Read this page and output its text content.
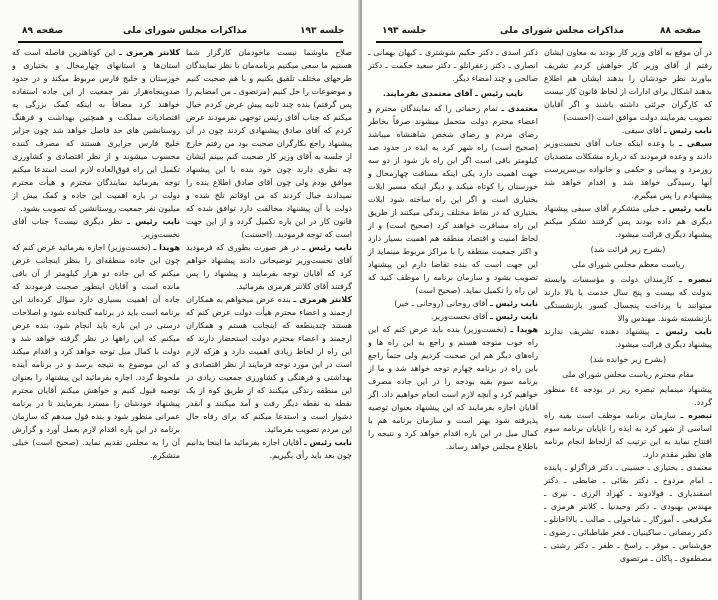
صفحه ۸۹	مذاکرات مجلس شورای ملی	جلسه ۱۹۳

کلانتر هرمزی ـ این کوتاهترین فاصله است که استان‌ها و استانهای چهارمحال و بختیاری و خوزستان و خلیج فارس مربوط میکند و در حدود صدوپنجاه‌هزار نفر جمعیت از این جاده استفاده خواهند کرد مضافاً به اینکه کمک بزرگی به اقتصادیات مملکت و همچنین بهداشت و فرهنگ روستانشین های حد فاصل خواهد شد چون جزایر خلیج فارس جزایری هستند که مصرف کننده محسوب میشوند و از نظر اقتصادی و کشاورزی تکمیل این راه فوق‌العاده لازم است استدعا میکنم توجه بفرمائید نمایندگان محترم و هیأت محترم دولت در باره اهمیت این جاده و کمک بیش از میلیون نفر جمعیت روستانشین که تصویب بشود.

نایب رئیس ـ نظر دیگری نیست؟ جناب آقای نخست‌وزیر.

هویدا ـ (نخست‌وزیر) اجازه بفرمائید عرض کنم که چون این جاده منطقه‌ای را بنظر اینجانب عرض میکنم که این جاده دو هزار کیلومتر از آن باقی مانده است و آقایان اینطور صحبت فرمودند که جاده آن اهمیت بسیاری دارد سؤال کرده‌اند این برنامه است باید در برنامه گنجانده شود و اصلاحات درستی در این باره باید انجام شود. بنده عرض میکنم که این راهها در نظر گرفته خواهد شد و دولت با کمال میل توجه خواهد کرد و اقدام میکند که این موضوع به نتیجه برسد و در برنامه آینده ملحوظ گردد. اجازه بفرمائید این پیشنهاد را بعنوان توصیه قبول کنیم و خواهش میکنم آقایان محترم پیشنهاد خودشان را مسترد بفرمایند تا در برنامه عمرانی منظور شود و بنده قول میدهم که سازمان برنامه در این باره اقدام لازم بعمل آورد و گزارش آن را به مجلس تقدیم نماید. (صحیح است) خیلی متشکرم.

صلاح ماوشما نیست ماخودمان کارگزار شما هستیم ما سعی میکنیم برنامه‌مان با نظر نمایندگان طرحهای مختلف تلفیق بکنیم و با هم صحبت کنیم و موضوعات را حل کنیم (مرتضوی ـ من امضایم را پس گرفتم) بنده چند ثانیه پیش عرض کردم خیال میکنم که جناب آقای رئیس توجهی نفرمودند عرض کردم که آقای صادق پیشنهادی کردند چون در آن پیشنهاد راجع بکارگران صحبت بود من رفتم خارج از جلسه به آقای وزیر کار صحبت کنم ببینم ایشان چه نظری دارند چون خود بنده با این پیشنهاد موافق بودم ولی چون آقای صادق اطلاع بنده را نمیدادند خیال کردند که من اوقاتم تلخ شده و دولت با آن پیشنهاد مخالفت دارد توافق شده که قانون کار در این باره تکمیل گردد و از این جهت است که توجه فرمودید. (احسنت)

نایب رئیس ـ در هر صورت بطوری که فرمودید آقای نخست‌وزیر توضیحاتی دادند پیشنهاد خواهم کرد که آقایان توجه بفرمایند و پیشنهاد را پس گرفتند آقای کلانتر هرمزی بفرمائید.

کلانتر هرمزی ـ بنده عرض میخواهم به همکاران ارجمند و اعضاء محترم هیأت دولت عرض کنم که هستند چندینطعه که اینجانب هستم و همکاران ارجمند و اعضاء محترم دولت استحضار دارند که این راه از لحاظ زیادی اهمیت دارد و هرکه لازم است در این مورد توجه فرمایند از نظر اقتصادی و بهداشتی و فرهنگی و کشاورزی جمعیت زیادی در این منطقه زندگی میکنند که از طریق کوه از یک نقطه به نقطه دیگر رفت و آمد میکنند و آنقدر دشوار است و استدعا میکنم که برای رفاه حال این مردم تصویب بفرمائید.

نایب رئیس ـ آقایان اجازه بفرمائید ما اینجا بدانیم چون بعد باید رأی بگیریم.

جلسه ۱۹۳	مذاکرات مجلس شورای ملی	صفحه ۸۸

دکتر اسدی ـ دکتر حکیم شوشتری ـ کیهان بهمانی ـ انصاری ـ دکتر زعفرانلو ـ دکتر سعید حکمت ـ دکتر صالحی و چند امضاء دیگر.

نایب رئیس ـ آقای معتمدی بفرمایند.

معتمدی ـ تمام زحماتی را که نمایندگان محترم و اعضاء محترم دولت متحمل میشوند صرفاً بخاطر رضای مردم و رضای شخص شاهنشاه میباشد (صحیح است) راه شهر کرد به ایذه در حدود صد کیلومتر باقی است اگر این راه باز شود از دو سه جهت اهمیت دارد یکی اینکه مسافت چهارمحال و خوزستان را کوتاه میکند و دیگر اینکه مسیر ایلات بختیاری است و اگر این راه ساخته شود ایلات بختیاری که در نقاط مختلف زندگی میکنند از طریق این راه مسافرت خواهند کرد (صحیح است) و از لحاظ امنیت و اقتصاد منطقه هم اهمیت بسیار دارد و اکثر جمعیت منطقه را با مراکز مربوط مینماید از این جهت است که بنده تقاضا دارم این پیشنهاد تصویب بشود و سازمان برنامه را موظف کنید که این راه را تکمیل نماید. (صحیح است)

نایب رئیس ـ آقای روحانی‌ (روحانی ـ خیر)

نایب رئیس ـ آقای نخست‌وزیر.

هویدا ـ (نخست‌وزیر) بنده باید عرض کنم که این راه خوب متوجه هستم و راجع به این راه ها و راه‌های دیگر هم این صحبت کردیم ولی حتماً راجع باین راه در برنامه چهارم توجه خواهد شد و ما از برنامه سوم بقیه بودجه را در این جاده مصرف خواهیم کرد و آنچه لازم است انجام خواهیم داد. اگر آقایان اجازه بفرمایند که این پیشنهاد بعنوان توصیه پذیرفته شود بهتر است و سازمان برنامه هم با کمال میل در این باره اقدام خواهد کرد و نتیجه را باطلاع مجلس خواهد رساند.

در آن موقع به آقای وزیر کار بودند به معاون ایشان رفتم از آقای وزیر کار خواهش کردم تشریف بیاورند نظر خودشان را بدهند ایشان هم اطلاع بدهند اشکال برای ادارات از لحاظ قانون کار نیست که کارگران جرئتی داشته باشند و اگر آقایان تصویب بفرمایند دولت موافق است (احسنت)

نایب رئیس ـ آقای سیفی.

سیفی ـ با وعده اینکه جناب آقای نخست‌وزیر دادند و وعده فرمودند که درباره مشکلات متصدیان روزمزد و پیمانی و حکمی و خانواده بی‌سرپرست آنها رسیدگی خواهد شد و اقدام خواهد شد پیشنهادم را پس میگیرم.

نایب رئیس ـ خیلی متشکرم آقای سیفی پیشنهاد دیگری هم داده بودند پس گرفتند تشکر میکنم پیشنهاد دیگری قرائت میشود.

(بشرح زیر قرائت شد)

ریاست معظم مجلس شورای ملی

تبصره ـ کارمندان دولت و مؤسسات وابسته بدولت که بیست و پنج سال خدمت یا بالا دارند میتوانند با پرداخت پنجسال کسور بازنشستگی بازنشسته شوند. مهندس والا

نایب رئیس ـ پیشنهاد دهنده تشریف ندارند پیشنهاد دیگری قرائت میشود.

(بشرح زیر خوانده شد)

مقام محترم ریاست مجلس شورای ملی

پیشنهاد مینمایم تبصره زیر در بودجه ٤٤ منظور گردد.

تبصره ـ سازمان برنامه موظف است بقیه راه اساسی از شهر کرد به ایذه را تاپایان برنامه سوم افتتاح نماید به این ترتیب که ازلحاظ انجام برنامه های نظیر مقدم دارد.

معتمدی ـ بختیاری ـ حسینی ـ دکتر قراگزلو ـ پاینده ـ امام مردوخ ـ دکتر بقائی ـ ضابطی ـ دکتر اسفندیاری ـ فولادوند ـ کهزاد الرزی ـ نیری ـ مهندس بهبودی ـ دکتر وحیدنیا ـ کلانتر هرمزی ـ مکرفیعی ـ آموزگار ـ شاخولی ـ صالب ـ بالااخانلو ـ دکتر رمضانی ـ ساکینیان ـ فخر طباطبائی ـ رضوی ـ حق‌شناس ـ موقر ـ راسخ ـ ظفر ـ دکتر رشتی ـ مصطفوی ـ پاکان ـ مرتضوی
